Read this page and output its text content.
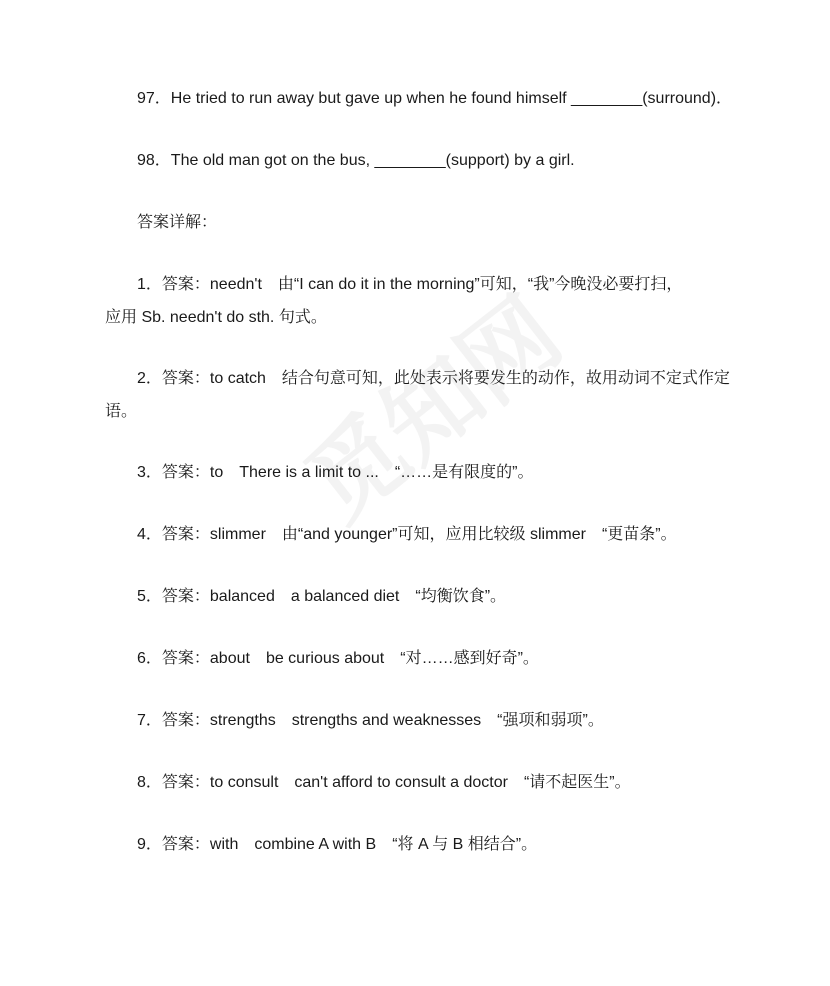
97．He tried to run away but gave up when he found himself ________(surround)．
98．The old man got on the bus, ________(support) by a girl.
答案详解：
1．答案：needn't　由“I can do it in the morning”可知，“我”今晚没必要打扫，
应用 Sb. needn't do sth. 句式。
2．答案：to catch　结合句意可知，此处表示将要发生的动作，故用动词不定式作定
语。
3．答案：to　There is a limit to ...　“……是有限度的”。
4．答案：slimmer　由“and younger”可知，应用比较级 slimmer　“更苗条”。
5．答案：balanced　a balanced diet　“均衡饮食”。
6．答案：about　be curious about　“对……感到好奇”。
7．答案：strengths　strengths and weaknesses　“强项和弱项”。
8．答案：to consult　can't afford to consult a doctor　“请不起医生”。
9．答案：with　combine A with B　“将 A 与 B 相结合”。
